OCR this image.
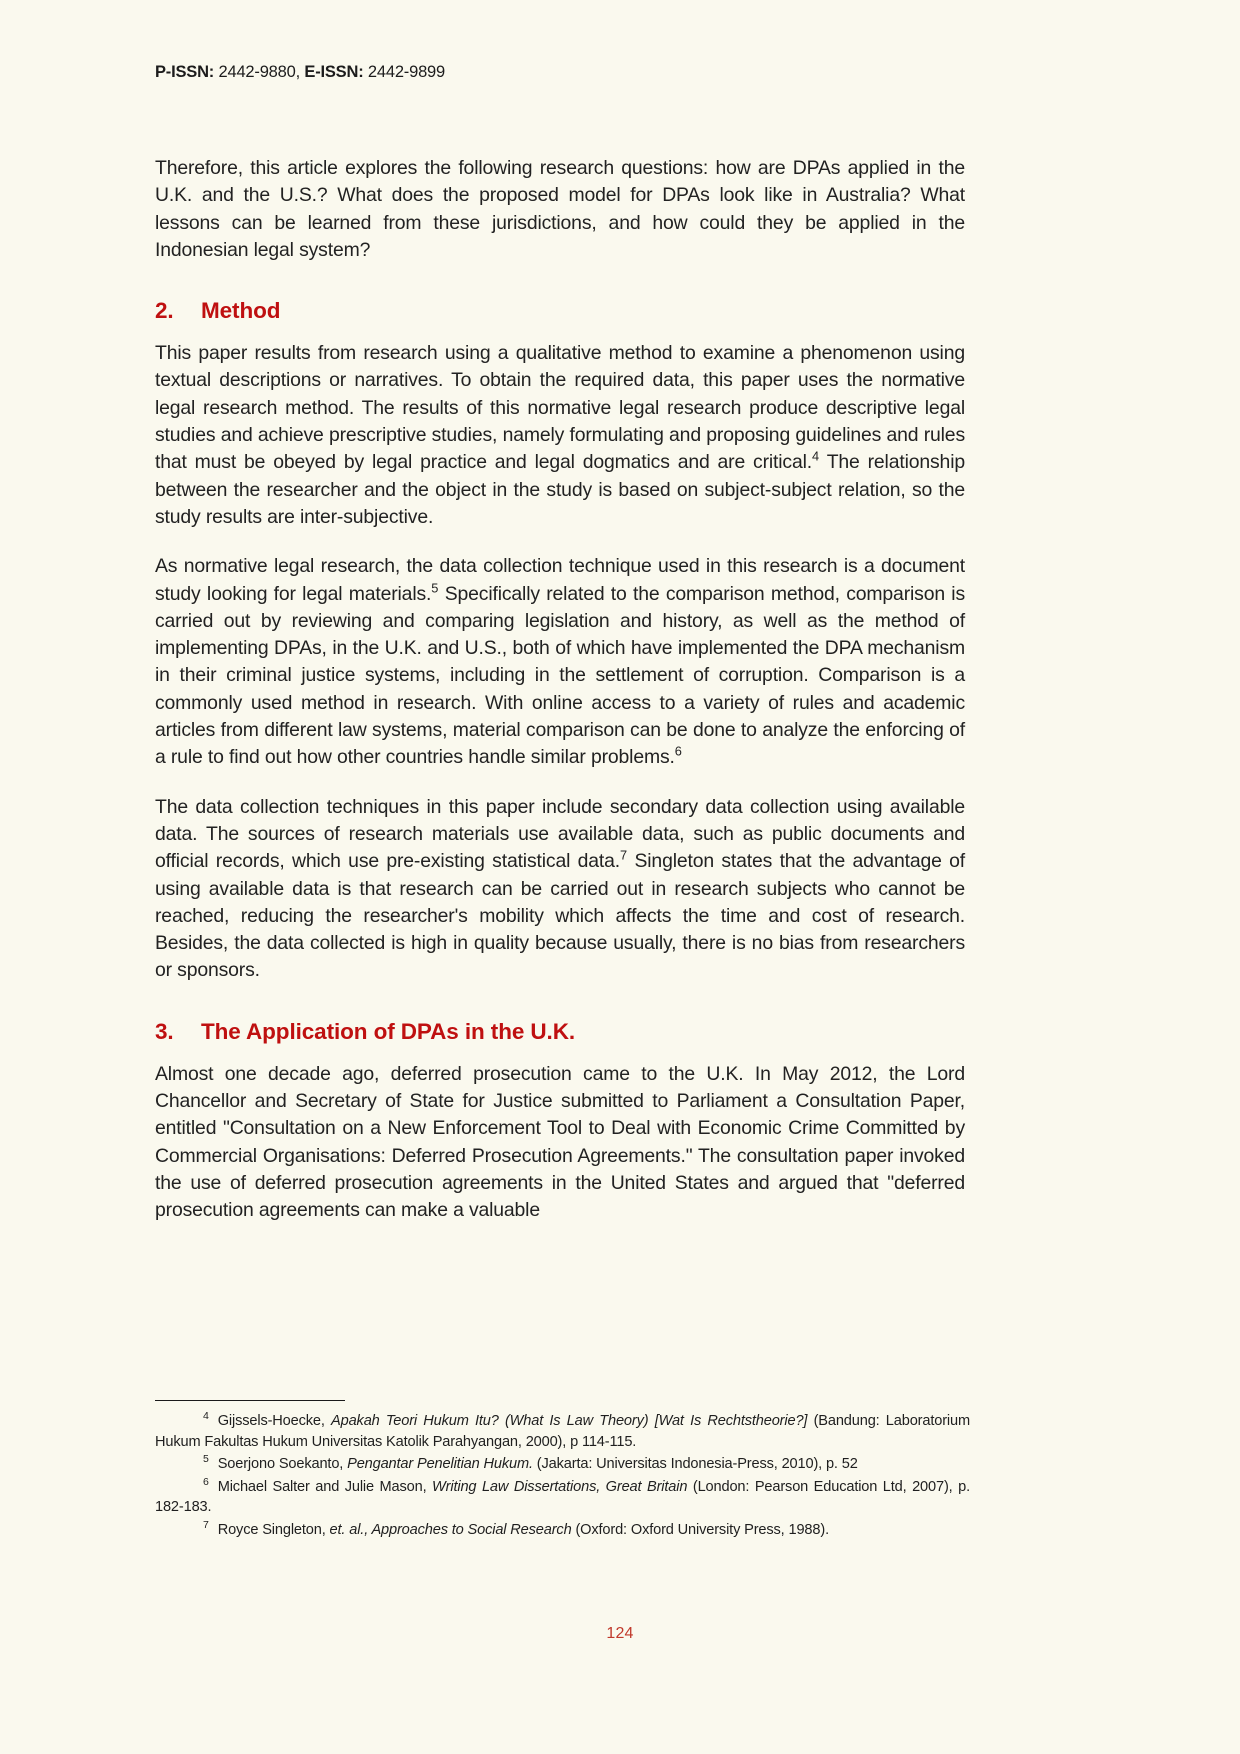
P-ISSN: 2442-9880, E-ISSN: 2442-9899

Therefore, this article explores the following research questions: how are DPAs applied in the U.K. and the U.S.? What does the proposed model for DPAs look like in Australia? What lessons can be learned from these jurisdictions, and how could they be applied in the Indonesian legal system?

2.	Method

This paper results from research using a qualitative method to examine a phenomenon using textual descriptions or narratives. To obtain the required data, this paper uses the normative legal research method. The results of this normative legal research produce descriptive legal studies and achieve prescriptive studies, namely formulating and proposing guidelines and rules that must be obeyed by legal practice and legal dogmatics and are critical.$^4$ The relationship between the researcher and the object in the study is based on subject-subject relation, so the study results are inter-subjective.

As normative legal research, the data collection technique used in this research is a document study looking for legal materials.$^5$ Specifically related to the comparison method, comparison is carried out by reviewing and comparing legislation and history, as well as the method of implementing DPAs, in the U.K. and U.S., both of which have implemented the DPA mechanism in their criminal justice systems, including in the settlement of corruption. Comparison is a commonly used method in research. With online access to a variety of rules and academic articles from different law systems, material comparison can be done to analyze the enforcing of a rule to find out how other countries handle similar problems.$^6$

The data collection techniques in this paper include secondary data collection using available data. The sources of research materials use available data, such as public documents and official records, which use pre-existing statistical data.$^7$ Singleton states that the advantage of using available data is that research can be carried out in research subjects who cannot be reached, reducing the researcher's mobility which affects the time and cost of research. Besides, the data collected is high in quality because usually, there is no bias from researchers or sponsors.

3.	The Application of DPAs in the U.K.

Almost one decade ago, deferred prosecution came to the U.K. In May 2012, the Lord Chancellor and Secretary of State for Justice submitted to Parliament a Consultation Paper, entitled "Consultation on a New Enforcement Tool to Deal with Economic Crime Committed by Commercial Organisations: Deferred Prosecution Agreements." The consultation paper invoked the use of deferred prosecution agreements in the United States and argued that "deferred prosecution agreements can make a valuable

$^4$ Gijssels-Hoecke, Apakah Teori Hukum Itu? (What Is Law Theory) [Wat Is Rechtstheorie?] (Bandung: Laboratorium Hukum Fakultas Hukum Universitas Katolik Parahyangan, 2000), p 114-115.

$^5$ Soerjono Soekanto, Pengantar Penelitian Hukum. (Jakarta: Universitas Indonesia-Press, 2010), p. 52

$^6$ Michael Salter and Julie Mason, Writing Law Dissertations, Great Britain (London: Pearson Education Ltd, 2007), p. 182-183.

$^7$ Royce Singleton, et. al., Approaches to Social Research (Oxford: Oxford University Press, 1988).

124
